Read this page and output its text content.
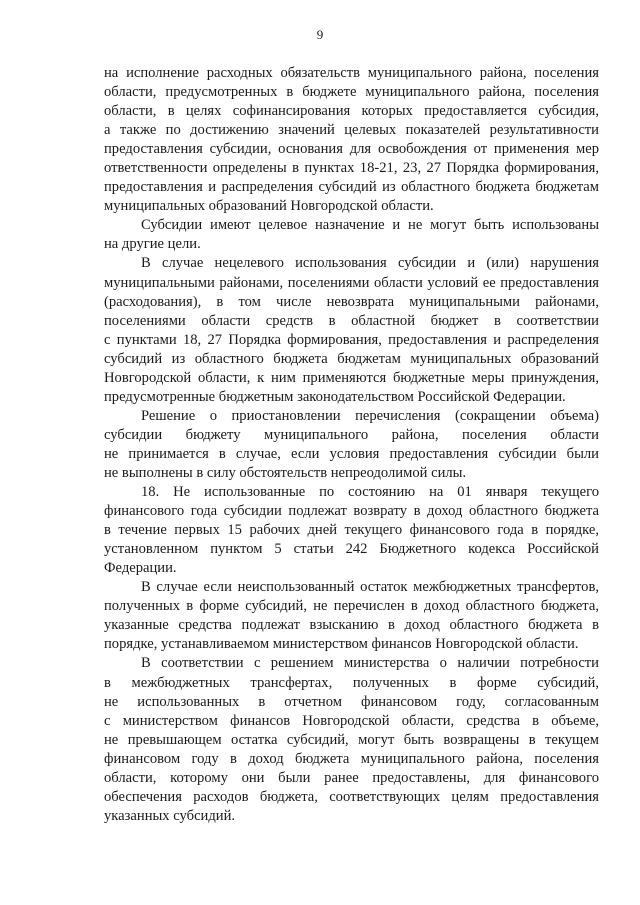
9
на исполнение расходных обязательств муниципального района, поселения
области, предусмотренных в бюджете муниципального района, поселения
области, в целях софинансирования которых предоставляется субсидия,
а также по достижению значений целевых показателей результативности
предоставления субсидии, основания для освобождения от применения мер
ответственности определены в пунктах 18-21, 23, 27 Порядка формирования,
предоставления и распределения субсидий из областного бюджета бюджетам
муниципальных образований Новгородской области.
Субсидии имеют целевое назначение и не могут быть использованы
на другие цели.
В случае нецелевого использования субсидии и (или) нарушения
муниципальными районами, поселениями области условий ее предоставления
(расходования), в том числе невозврата муниципальными районами,
поселениями области средств в областной бюджет в соответствии
с пунктами 18, 27 Порядка формирования, предоставления и распределения
субсидий из областного бюджета бюджетам муниципальных образований
Новгородской области, к ним применяются бюджетные меры принуждения,
предусмотренные бюджетным законодательством Российской Федерации.
Решение о приостановлении перечисления (сокращении объема)
субсидии бюджету муниципального района, поселения области
не принимается в случае, если условия предоставления субсидии были
не выполнены в силу обстоятельств непреодолимой силы.
18. Не использованные по состоянию на 01 января текущего
финансового года субсидии подлежат возврату в доход областного бюджета
в течение первых 15 рабочих дней текущего финансового года в порядке,
установленном пунктом 5 статьи 242 Бюджетного кодекса Российской
Федерации.
В случае если неиспользованный остаток межбюджетных трансфертов,
полученных в форме субсидий, не перечислен в доход областного бюджета,
указанные средства подлежат взысканию в доход областного бюджета в
порядке, устанавливаемом министерством финансов Новгородской области.
В соответствии с решением министерства о наличии потребности
в межбюджетных трансфертах, полученных в форме субсидий,
не использованных в отчетном финансовом году, согласованным
с министерством финансов Новгородской области, средства в объеме,
не превышающем остатка субсидий, могут быть возвращены в текущем
финансовом году в доход бюджета муниципального района, поселения
области, которому они были ранее предоставлены, для финансового
обеспечения расходов бюджета, соответствующих целям предоставления
указанных субсидий.
